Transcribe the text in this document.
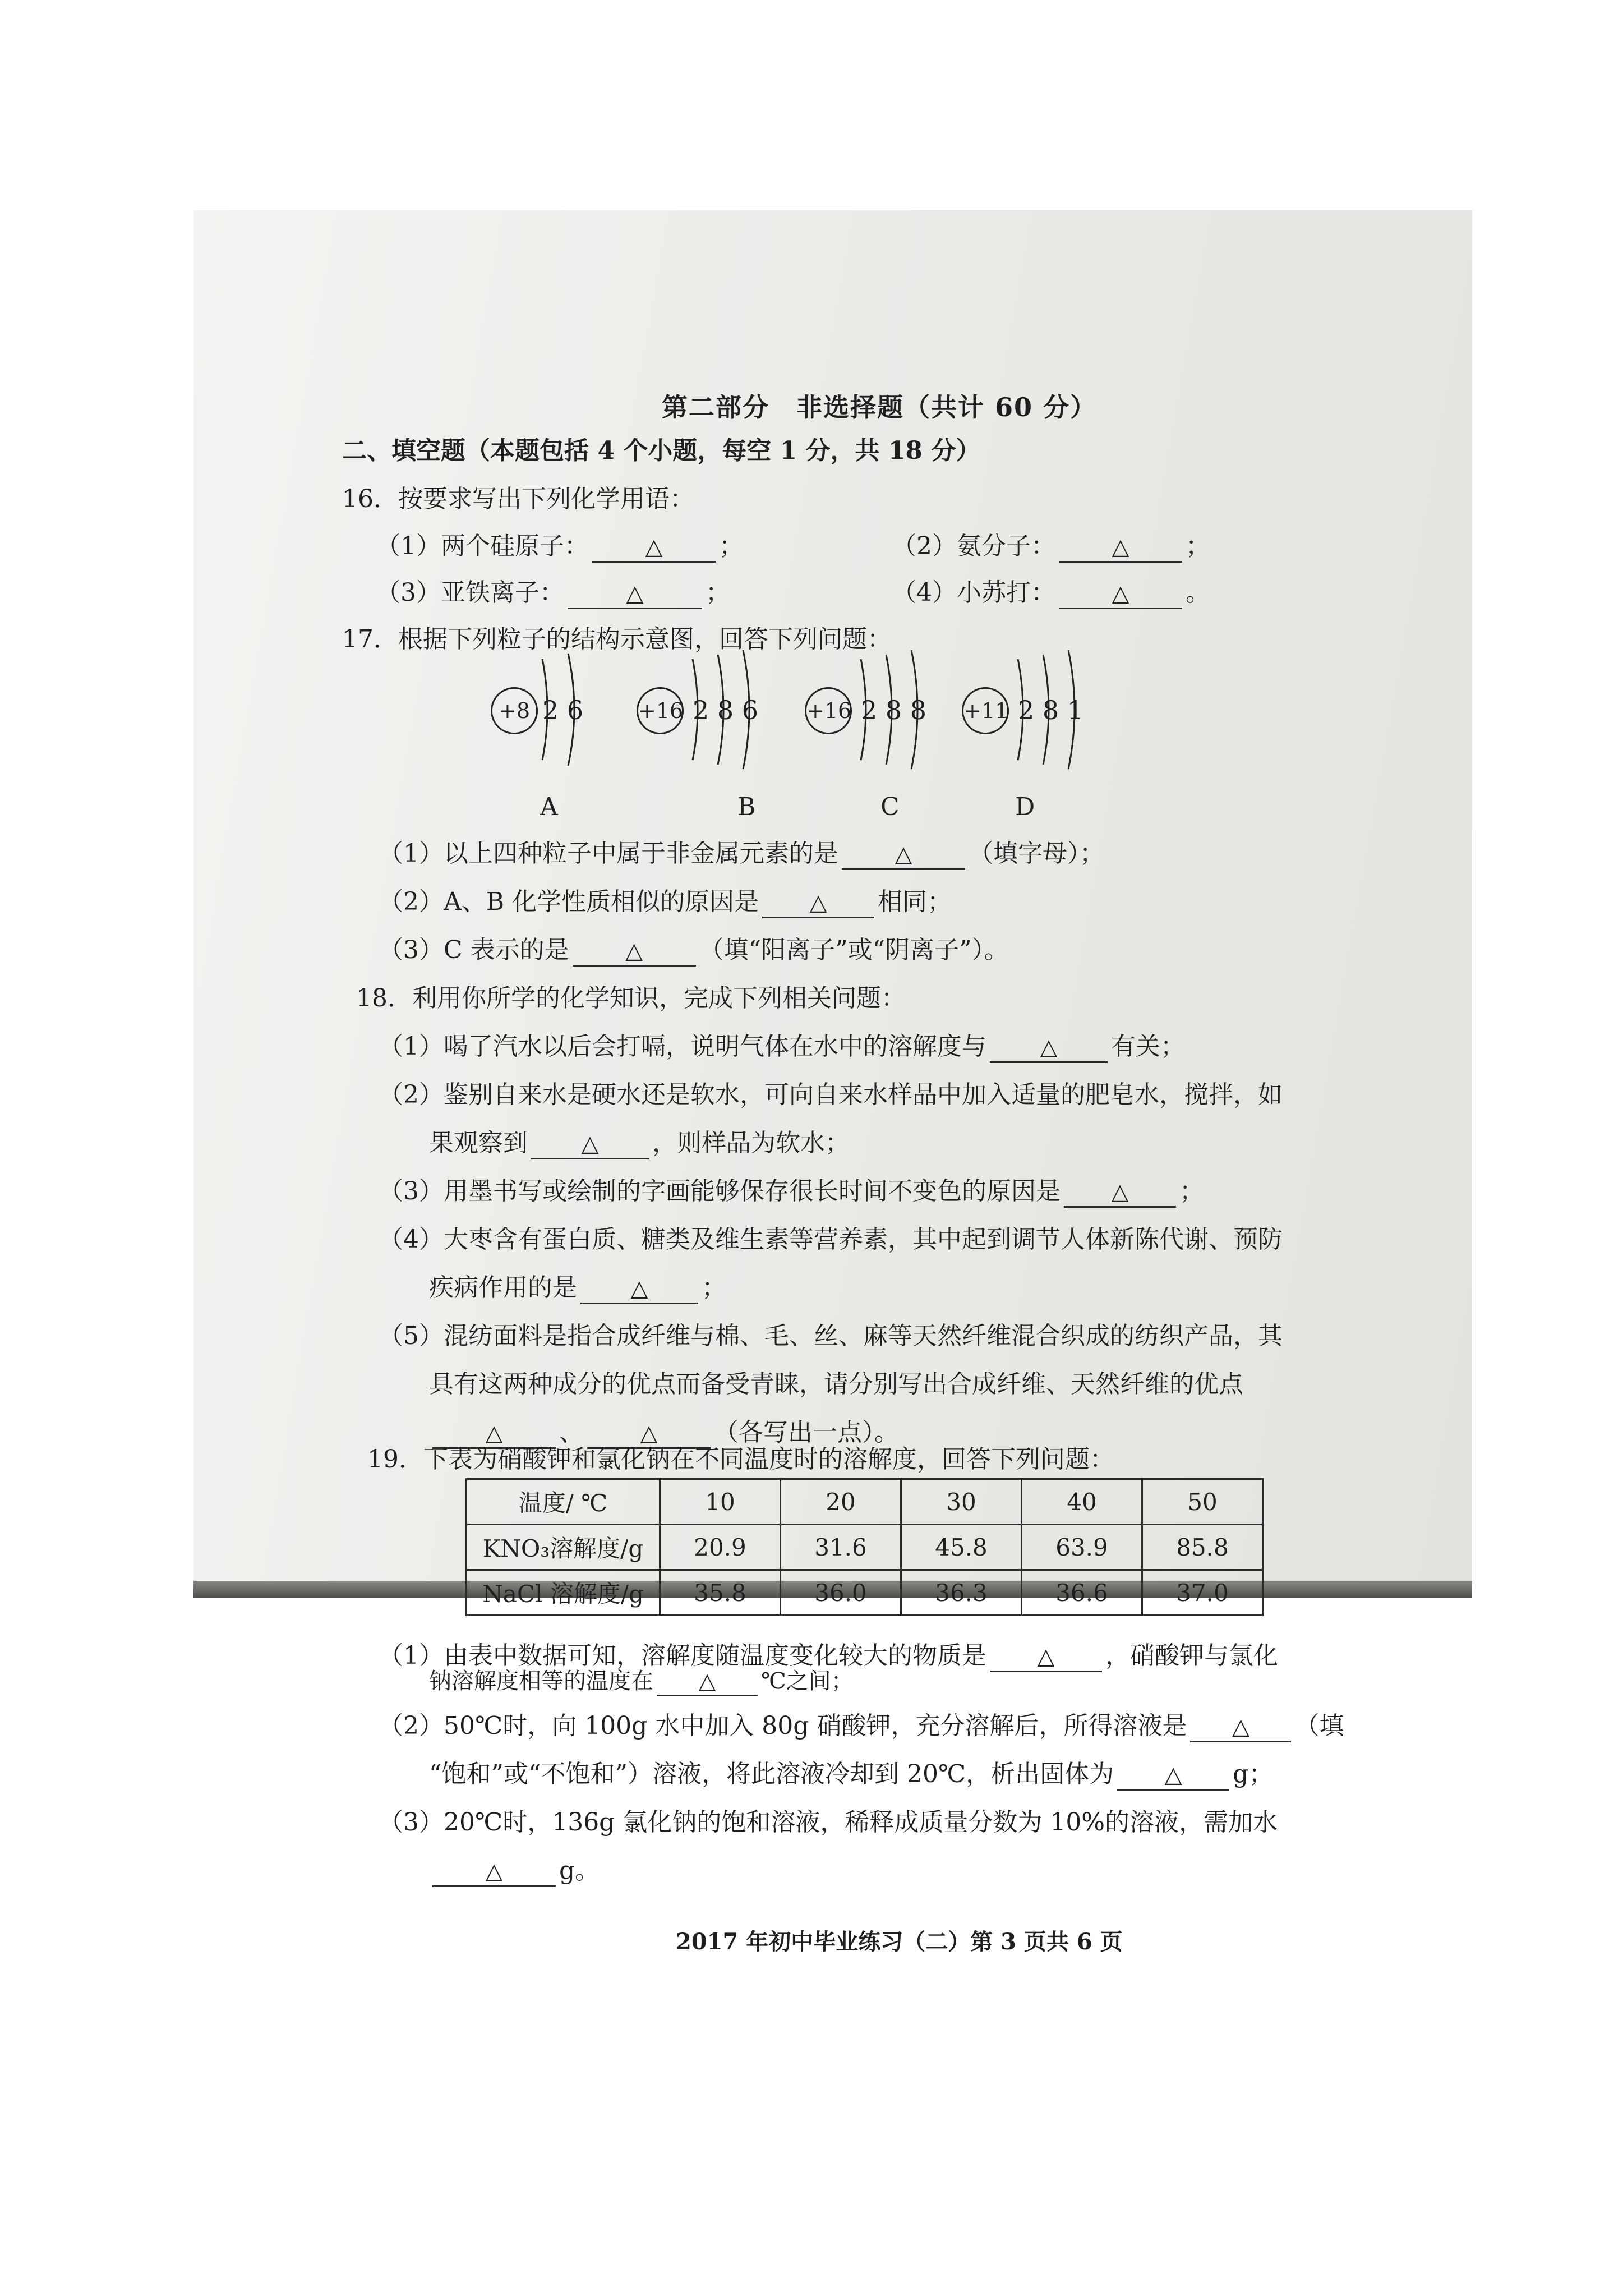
第二部分　非选择题（共计 60 分）
二、填空题（本题包括 4 个小题，每空 1 分，共 18 分）
16．按要求写出下列化学用语：
（1）两个硅原子：	△ ；	（2）氨分子：	△ ；
（3）亚铁离子：	△	；	（4）小苏打：	△ 。
17．根据下列粒子的结构示意图，回答下列问题：
+8 2 6
A
+16 2 8 6
B
+16 2 8 8
C
+11 2 8 1
D
（1）以上四种粒子中属于非金属元素的是	△ （填字母）；
（2）A、B 化学性质相似的原因是 △ 相同；
（3）C 表示的是	△ （填“阳离子”或“阴离子”）。
18．利用你所学的化学知识，完成下列相关问题：
（1）喝了汽水以后会打嗝，说明气体在水中的溶解度与 △ 有关；
（2）鉴别自来水是硬水还是软水，可向自来水样品中加入适量的肥皂水，搅拌，如
果观察到 △ ，则样品为软水；
（3）用墨书写或绘制的字画能够保存很长时间不变色的原因是 △ ；
（4）大枣含有蛋白质、糖类及维生素等营养素，其中起到调节人体新陈代谢、预防
疾病作用的是 △ ；
（5）混纺面料是指合成纤维与棉、毛、丝、麻等天然纤维混合织成的纺织产品，其
具有这两种成分的优点而备受青睐，请分别写出合成纤维、天然纤维的优点
△ 、	△ （各写出一点）。
19．下表为硝酸钾和氯化钠在不同温度时的溶解度，回答下列问题：
温度/ ℃	10	20	30	40	50
KNO₃溶解度/g	20.9	31.6	45.8	63.9	85.8
NaCl 溶解度/g	35.8	36.0	36.3	36.6	37.0
（1）由表中数据可知，溶解度随温度变化较大的物质是 △ ，硝酸钾与氯化
钠溶解度相等的温度在 △ ℃之间；
（2）50℃时，向 100g 水中加入 80g 硝酸钾，充分溶解后，所得溶液是 △ （填
“饱和”或“不饱和”）溶液，将此溶液冷却到 20℃，析出固体为 △ g；
（3）20℃时，136g 氯化钠的饱和溶液，稀释成质量分数为 10%的溶液，需加水
△ g。
2017 年初中毕业练习（二）第 3 页共 6 页
